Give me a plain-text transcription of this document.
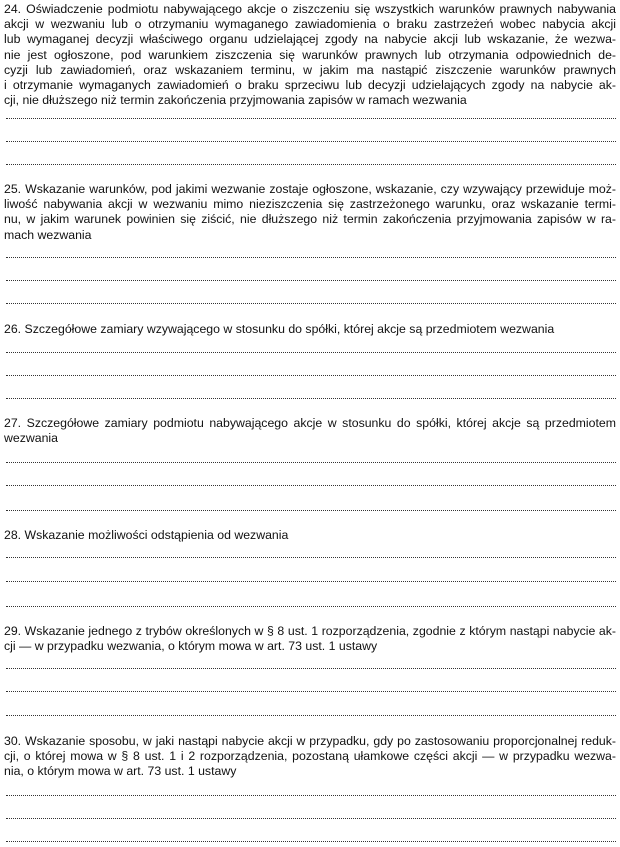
24. Oświadczenie podmiotu nabywającego akcje o ziszczeniu się wszystkich warunków prawnych nabywania
akcji w wezwaniu lub o otrzymaniu wymaganego zawiadomienia o braku zastrzeżeń wobec nabycia akcji
lub wymaganej decyzji właściwego organu udzielającej zgody na nabycie akcji lub wskazanie, że wezwa-
nie jest ogłoszone, pod warunkiem ziszczenia się warunków prawnych lub otrzymania odpowiednich de-
cyzji lub zawiadomień, oraz wskazaniem terminu, w jakim ma nastąpić ziszczenie warunków prawnych
i otrzymanie wymaganych zawiadomień o braku sprzeciwu lub decyzji udzielających zgody na nabycie ak-
cji, nie dłuższego niż termin zakończenia przyjmowania zapisów w ramach wezwania
25. Wskazanie warunków, pod jakimi wezwanie zostaje ogłoszone, wskazanie, czy wzywający przewiduje moż-
liwość nabywania akcji w wezwaniu mimo nieziszczenia się zastrzeżonego warunku, oraz wskazanie termi-
nu, w jakim warunek powinien się ziścić, nie dłuższego niż termin zakończenia przyjmowania zapisów w ra-
mach wezwania
26. Szczegółowe zamiary wzywającego w stosunku do spółki, której akcje są przedmiotem wezwania
27. Szczegółowe zamiary podmiotu nabywającego akcje w stosunku do spółki, której akcje są przedmiotem
wezwania
28. Wskazanie możliwości odstąpienia od wezwania
29. Wskazanie jednego z trybów określonych w § 8 ust. 1 rozporządzenia, zgodnie z którym nastąpi nabycie ak-
cji — w przypadku wezwania, o którym mowa w art. 73 ust. 1 ustawy
30. Wskazanie sposobu, w jaki nastąpi nabycie akcji w przypadku, gdy po zastosowaniu proporcjonalnej reduk-
cji, o której mowa w § 8 ust. 1 i 2 rozporządzenia, pozostaną ułamkowe części akcji — w przypadku wezwa-
nia, o którym mowa w art. 73 ust. 1 ustawy
